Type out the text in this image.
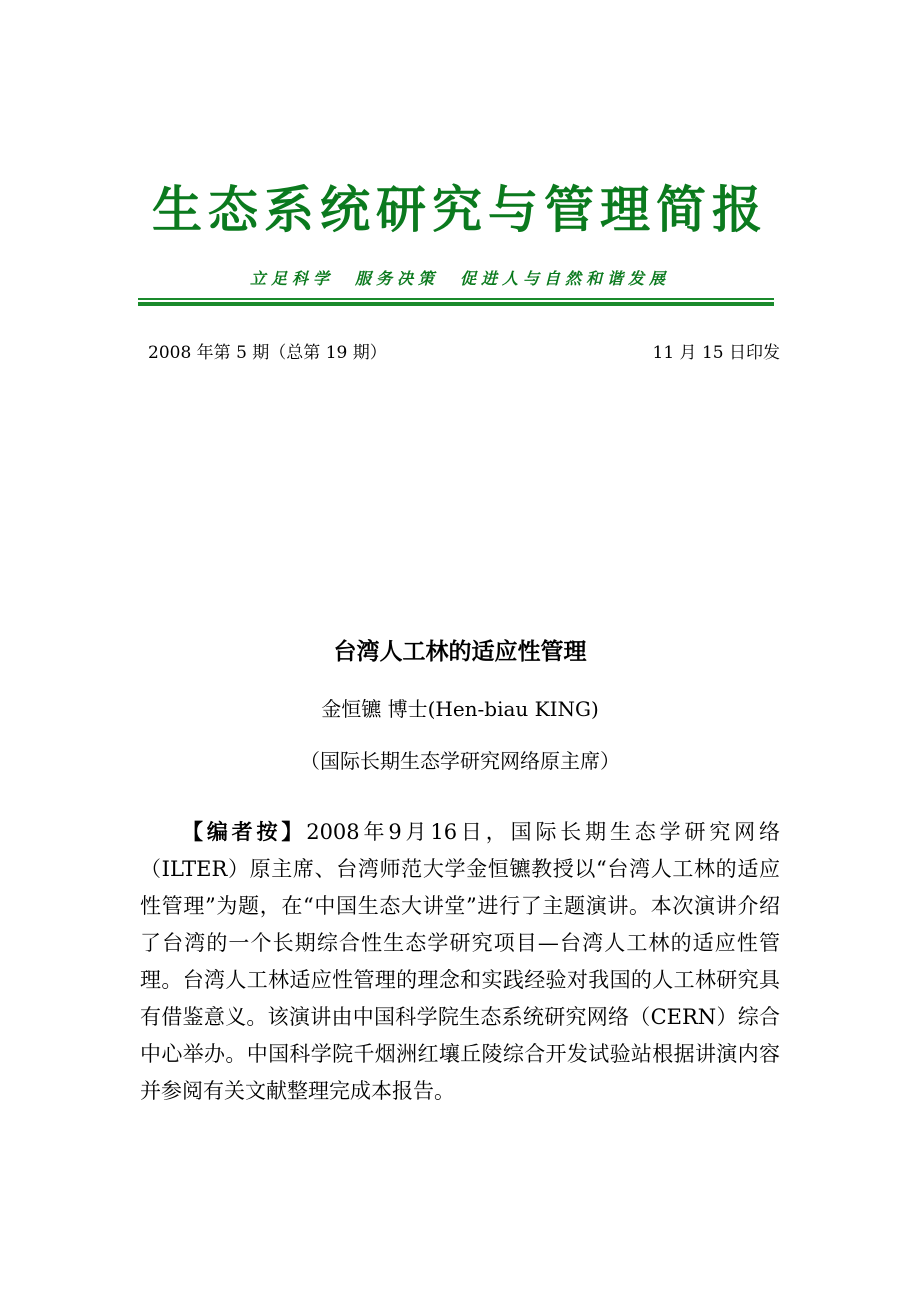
生态系统研究与管理简报
立足科学　服务决策　促进人与自然和谐发展
2008 年第 5 期（总第 19 期）	11 月 15 日印发
台湾人工林的适应性管理
金恒镳 博士(Hen-biau KING)
（国际长期生态学研究网络原主席）

【编者按】2008年9月16日，国际长期生态学研究网络（ILTER）原主席、台湾师范大学金恒镳教授以“台湾人工林的适应性管理”为题，在“中国生态大讲堂”进行了主题演讲。本次演讲介绍了台湾的一个长期综合性生态学研究项目—台湾人工林的适应性管理。台湾人工林适应性管理的理念和实践经验对我国的人工林研究具有借鉴意义。该演讲由中国科学院生态系统研究网络（CERN）综合中心举办。中国科学院千烟洲红壤丘陵综合开发试验站根据讲演内容并参阅有关文献整理完成本报告。
